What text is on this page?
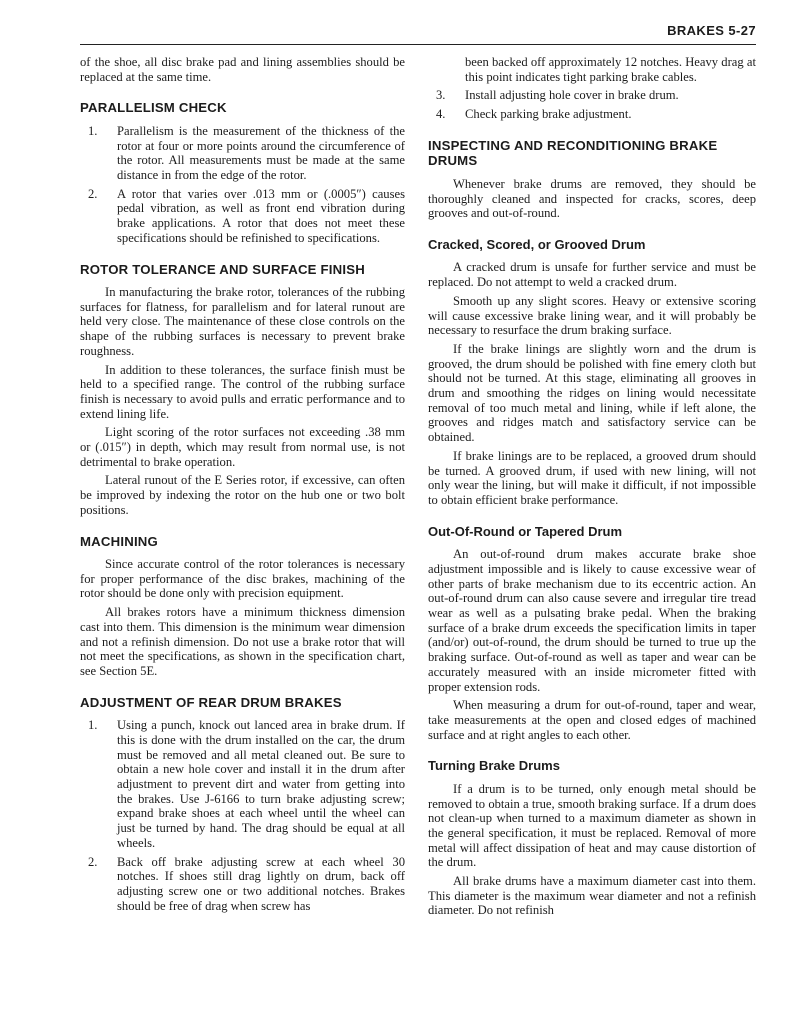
BRAKES 5-27

of the shoe, all disc brake pad and lining assemblies should be replaced at the same time.

PARALLELISM CHECK
1. Parallelism is the measurement of the thickness of the rotor at four or more points around the circumference of the rotor. All measurements must be made at the same distance in from the edge of the rotor.
2. A rotor that varies over .013 mm or (.0005″) causes pedal vibration, as well as front end vibration during brake applications. A rotor that does not meet these specifications should be refinished to specifications.
ROTOR TOLERANCE AND SURFACE FINISH

In manufacturing the brake rotor, tolerances of the rubbing surfaces for flatness, for parallelism and for lateral runout are held very close. The maintenance of these close controls on the shape of the rubbing surfaces is necessary to prevent brake roughness.

In addition to these tolerances, the surface finish must be held to a specified range. The control of the rubbing surface finish is necessary to avoid pulls and erratic performance and to extend lining life.

Light scoring of the rotor surfaces not exceeding .38 mm or (.015″) in depth, which may result from normal use, is not detrimental to brake operation.

Lateral runout of the E Series rotor, if excessive, can often be improved by indexing the rotor on the hub one or two bolt positions.

MACHINING

Since accurate control of the rotor tolerances is necessary for proper performance of the disc brakes, machining of the rotor should be done only with precision equipment.

All brakes rotors have a minimum thickness dimension cast into them. This dimension is the minimum wear dimension and not a refinish dimension. Do not use a brake rotor that will not meet the specifications, as shown in the specification chart, see Section 5E.

ADJUSTMENT OF REAR DRUM BRAKES
1. Using a punch, knock out lanced area in brake drum. If this is done with the drum installed on the car, the drum must be removed and all metal cleaned out. Be sure to obtain a new hole cover and install it in the drum after adjustment to prevent dirt and water from getting into the brakes. Use J-6166 to turn brake adjusting screw; expand brake shoes at each wheel until the wheel can just be turned by hand. The drag should be equal at all wheels.
2. Back off brake adjusting screw at each wheel 30 notches. If shoes still drag lightly on drum, back off adjusting screw one or two additional notches. Brakes should be free of drag when screw has
been backed off approximately 12 notches. Heavy drag at this point indicates tight parking brake cables.
3. Install adjusting hole cover in brake drum.
4. Check parking brake adjustment.
INSPECTING AND RECONDITIONING BRAKE DRUMS

Whenever brake drums are removed, they should be thoroughly cleaned and inspected for cracks, scores, deep grooves and out-of-round.

Cracked, Scored, or Grooved Drum

A cracked drum is unsafe for further service and must be replaced. Do not attempt to weld a cracked drum.

Smooth up any slight scores. Heavy or extensive scoring will cause excessive brake lining wear, and it will probably be necessary to resurface the drum braking surface.

If the brake linings are slightly worn and the drum is grooved, the drum should be polished with fine emery cloth but should not be turned. At this stage, eliminating all grooves in drum and smoothing the ridges on lining would necessitate removal of too much metal and lining, while if left alone, the grooves and ridges match and satisfactory service can be obtained.

If brake linings are to be replaced, a grooved drum should be turned. A grooved drum, if used with new lining, will not only wear the lining, but will make it difficult, if not impossible to obtain efficient brake performance.

Out-Of-Round or Tapered Drum

An out-of-round drum makes accurate brake shoe adjustment impossible and is likely to cause excessive wear of other parts of brake mechanism due to its eccentric action. An out-of-round drum can also cause severe and irregular tire tread wear as well as a pulsating brake pedal. When the braking surface of a brake drum exceeds the specification limits in taper (and/or) out-of-round, the drum should be turned to true up the braking surface. Out-of-round as well as taper and wear can be accurately measured with an inside micrometer fitted with proper extension rods.

When measuring a drum for out-of-round, taper and wear, take measurements at the open and closed edges of machined surface and at right angles to each other.

Turning Brake Drums

If a drum is to be turned, only enough metal should be removed to obtain a true, smooth braking surface. If a drum does not clean-up when turned to a maximum diameter as shown in the general specification, it must be replaced. Removal of more metal will affect dissipation of heat and may cause distortion of the drum.

All brake drums have a maximum diameter cast into them. This diameter is the maximum wear diameter and not a refinish diameter. Do not refinish
